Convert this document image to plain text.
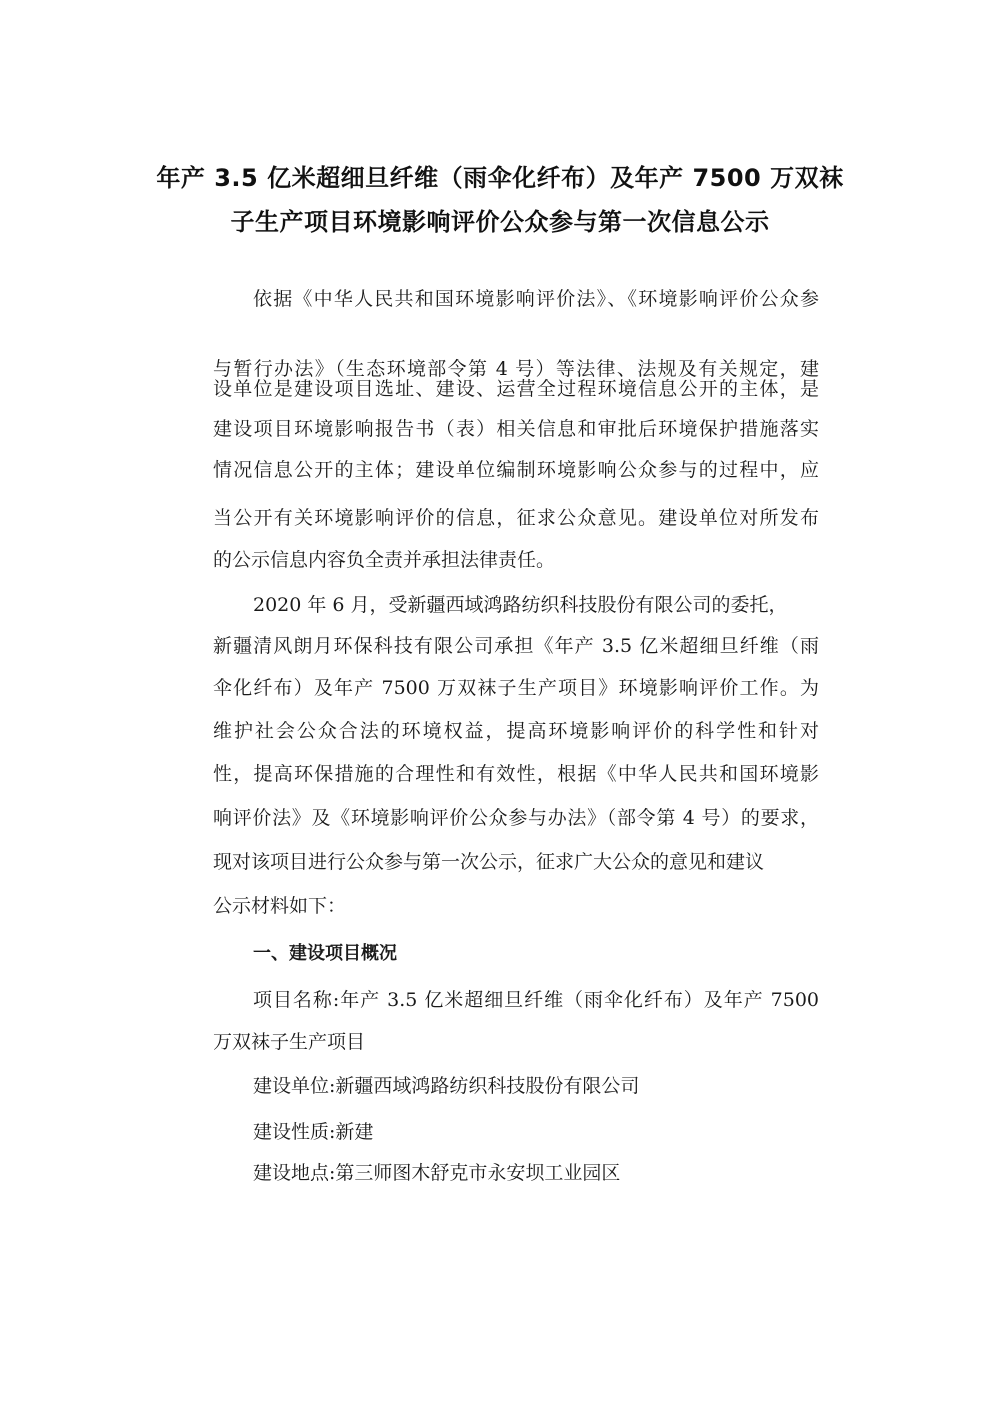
年产 3.5 亿米超细旦纤维（雨伞化纤布）及年产 7500 万双袜
子生产项目环境影响评价公众参与第一次信息公示
依据《中华人民共和国环境影响评价法》、《环境影响评价公众参
与暂行办法》（生态环境部令第 4 号）等法律、法规及有关规定，建
设单位是建设项目选址、建设、运营全过程环境信息公开的主体，是
建设项目环境影响报告书（表）相关信息和审批后环境保护措施落实
情况信息公开的主体；建设单位编制环境影响公众参与的过程中，应
当公开有关环境影响评价的信息，征求公众意见。建设单位对所发布
的公示信息内容负全责并承担法律责任。
2020 年 6 月，受新疆西域鸿路纺织科技股份有限公司的委托，
新疆清风朗月环保科技有限公司承担《年产 3.5 亿米超细旦纤维（雨
伞化纤布）及年产 7500 万双袜子生产项目》环境影响评价工作。为
维护社会公众合法的环境权益，提高环境影响评价的科学性和针对
性，提高环保措施的合理性和有效性，根据《中华人民共和国环境影
响评价法》及《环境影响评价公众参与办法》（部令第 4 号）的要求，
现对该项目进行公众参与第一次公示，征求广大公众的意见和建议
公示材料如下：
一、建设项目概况
项目名称:年产 3.5 亿米超细旦纤维（雨伞化纤布）及年产 7500
万双袜子生产项目
建设单位:新疆西域鸿路纺织科技股份有限公司
建设性质:新建
建设地点:第三师图木舒克市永安坝工业园区
